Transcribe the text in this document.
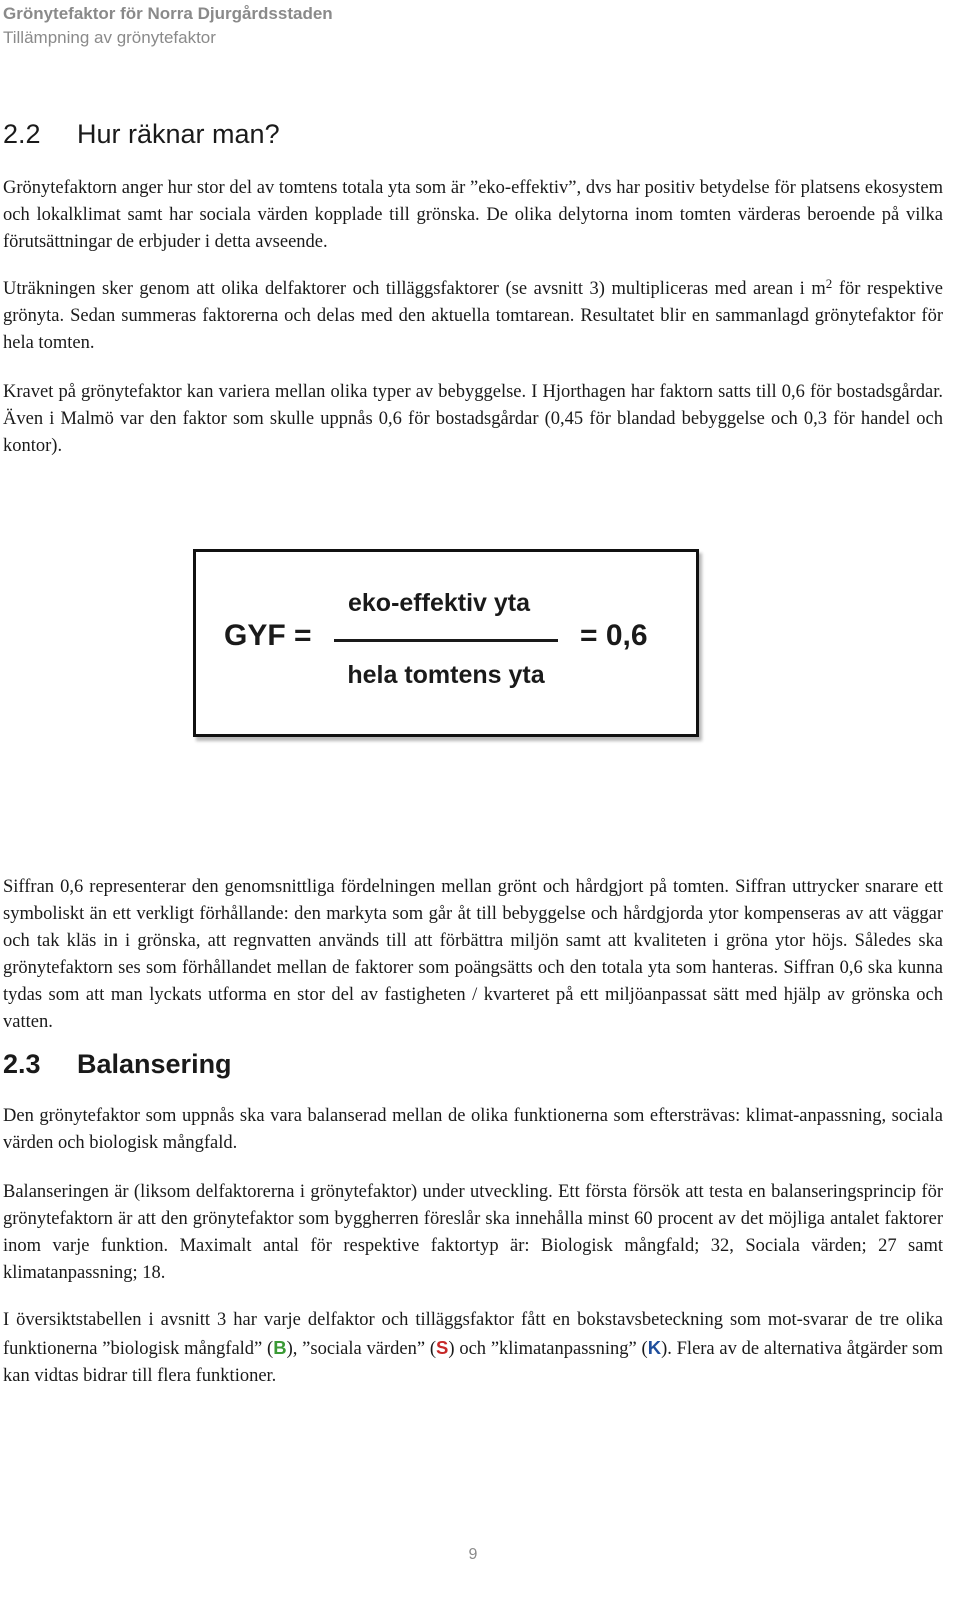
Grönytefaktor för Norra Djurgårdsstaden
Tillämpning av grönytefaktor
2.2 Hur räknar man?

Grönytefaktorn anger hur stor del av tomtens totala yta som är ”eko-effektiv”, dvs har positiv betydelse för platsens ekosystem och lokalklimat samt har sociala värden kopplade till grönska. De olika delytorna inom tomten värderas beroende på vilka förutsättningar de erbjuder i detta avseende.

Uträkningen sker genom att olika delfaktorer och tilläggsfaktorer (se avsnitt 3) multipliceras med arean i $m^2$ för respektive grönyta. Sedan summeras faktorerna och delas med den aktuella tomtarean. Resultatet blir en sammanlagd grönytefaktor för hela tomten.

Kravet på grönytefaktor kan variera mellan olika typer av bebyggelse. I Hjorthagen har faktorn satts till 0,6 för bostadsgårdar. Även i Malmö var den faktor som skulle uppnås 0,6 för bostadsgårdar (0,45 för blandad bebyggelse och 0,3 för handel och kontor).

Siffran 0,6 representerar den genomsnittliga fördelningen mellan grönt och hårdgjort på tomten. Siffran uttrycker snarare ett symboliskt än ett verkligt förhållande: den markyta som går åt till bebyggelse och hårdgjorda ytor kompenseras av att väggar och tak kläs in i grönska, att regnvatten används till att förbättra miljön samt att kvaliteten i gröna ytor höjs. Således ska grönytefaktorn ses som förhållandet mellan de faktorer som poängsätts och den totala yta som hanteras. Siffran 0,6 ska kunna tydas som att man lyckats utforma en stor del av fastigheten / kvarteret på ett miljöanpassat sätt med hjälp av grönska och vatten.

2.3 Balansering

Den grönytefaktor som uppnås ska vara balanserad mellan de olika funktionerna som eftersträvas: klimat-anpassning, sociala värden och biologisk mångfald.

Balanseringen är (liksom delfaktorerna i grönytefaktor) under utveckling. Ett första försök att testa en balanseringsprincip för grönytefaktorn är att den grönytefaktor som byggherren föreslår ska innehålla minst 60 procent av det möjliga antalet faktorer inom varje funktion. Maximalt antal för respektive faktortyp är: Biologisk mångfald; 32, Sociala värden; 27 samt klimatanpassning; 18.

I översiktstabellen i avsnitt 3 har varje delfaktor och tilläggsfaktor fått en bokstavsbeteckning som mot-svarar de tre olika funktionerna ”biologisk mångfald” (B), ”sociala värden” (S) och ”klimatanpassning” (K). Flera av de alternativa åtgärder som kan vidtas bidrar till flera funktioner.

9
GYF =
eko-effektiv yta
hela tomtens yta
= 0,6
